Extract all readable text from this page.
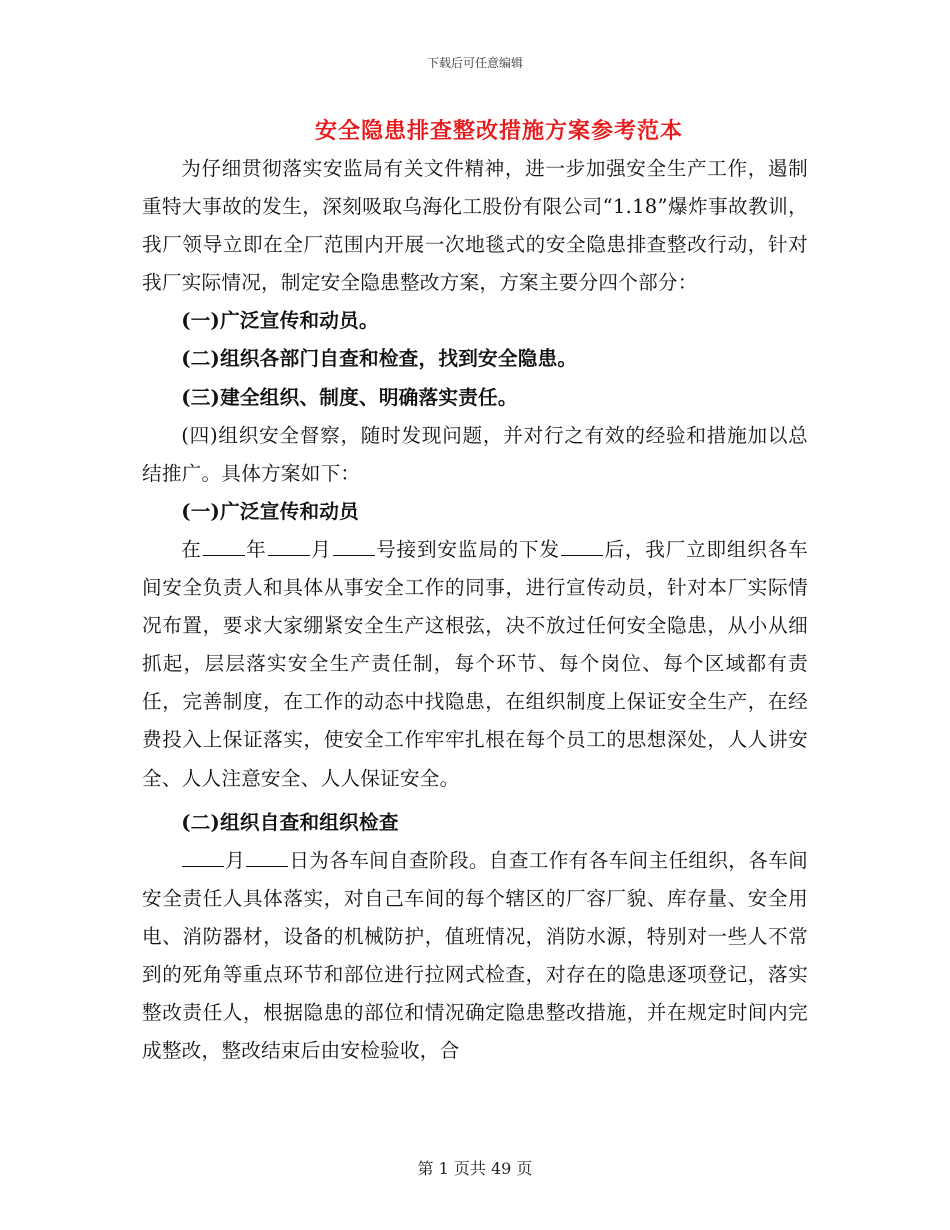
下载后可任意编辑
安全隐患排查整改措施方案参考范本

为仔细贯彻落实安监局有关文件精神，进一步加强安全生产工作，遏制重特大事故的发生，深刻吸取乌海化工股份有限公司“1.18”爆炸事故教训，我厂领导立即在全厂范围内开展一次地毯式的安全隐患排查整改行动，针对我厂实际情况，制定安全隐患整改方案，方案主要分四个部分：

(一)广泛宣传和动员。

(二)组织各部门自查和检查，找到安全隐患。

(三)建全组织、制度、明确落实责任。

(四)组织安全督察，随时发现问题，并对行之有效的经验和措施加以总结推广。具体方案如下：

(一)广泛宣传和动员

在 年 月 号接到安监局的下发 后，我厂立即组织各车间安全负责人和具体从事安全工作的同事，进行宣传动员，针对本厂实际情况布置，要求大家绷紧安全生产这根弦，决不放过任何安全隐患，从小从细抓起，层层落实安全生产责任制，每个环节、每个岗位、每个区域都有责任，完善制度，在工作的动态中找隐患，在组织制度上保证安全生产，在经费投入上保证落实，使安全工作牢牢扎根在每个员工的思想深处，人人讲安全、人人注意安全、人人保证安全。

(二)组织自查和组织检查

月 日为各车间自查阶段。自查工作有各车间主任组织，各车间安全责任人具体落实，对自己车间的每个辖区的厂容厂貌、库存量、安全用电、消防器材，设备的机械防护，值班情况，消防水源，特别对一些人不常到的死角等重点环节和部位进行拉网式检查，对存在的隐患逐项登记，落实整改责任人，根据隐患的部位和情况确定隐患整改措施，并在规定时间内完成整改，整改结束后由安检验收，合

第 1 页共 49 页
